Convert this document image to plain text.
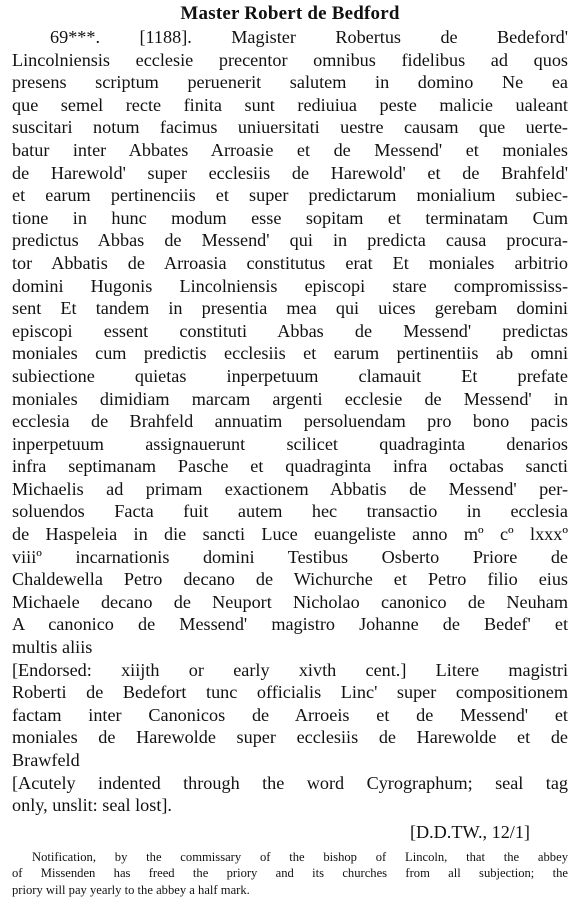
Master Robert de Bedford
69***. [1188]. Magister Robertus de Bedeford'
Lincolniensis ecclesie precentor omnibus fidelibus ad quos
presens scriptum peruenerit salutem in domino Ne ea
que semel recte finita sunt rediuiua peste malicie ualeant
suscitari notum facimus uniuersitati uestre causam que uerte-
batur inter Abbates Arroasie et de Messend' et moniales
de Harewold' super ecclesiis de Harewold' et de Brahfeld'
et earum pertinenciis et super predictarum monialium subiec-
tione in hunc modum esse sopitam et terminatam Cum
predictus Abbas de Messend' qui in predicta causa procura-
tor Abbatis de Arroasia constitutus erat Et moniales arbitrio
domini Hugonis Lincolniensis episcopi stare compromississ-
sent Et tandem in presentia mea qui uices gerebam domini
episcopi essent constituti Abbas de Messend' predictas
moniales cum predictis ecclesiis et earum pertinentiis ab omni
subiectione quietas inperpetuum clamauit Et prefate
moniales dimidiam marcam argenti ecclesie de Messend' in
ecclesia de Brahfeld annuatim persoluendam pro bono pacis
inperpetuum assignauerunt scilicet quadraginta denarios
infra septimanam Pasche et quadraginta infra octabas sancti
Michaelis ad primam exactionem Abbatis de Messend' per-
soluendos Facta fuit autem hec transactio in ecclesia
de Haspeleia in die sancti Luce euangeliste anno mº cº lxxxº
viiiº incarnationis domini Testibus Osberto Priore de
Chaldewella Petro decano de Wichurche et Petro filio eius
Michaele decano de Neuport Nicholao canonico de Neuham
A canonico de Messend' magistro Johanne de Bedef' et
multis aliis
[Endorsed: xiijth or early xivth cent.] Litere magistri
Roberti de Bedefort tunc officialis Linc' super compositionem
factam inter Canonicos de Arroeis et de Messend' et
moniales de Harewolde super ecclesiis de Harewolde et de
Brawfeld
[Acutely indented through the word Cyrographum; seal tag
only, unslit: seal lost].
[D.D.TW., 12/1]
Notification, by the commissary of the bishop of Lincoln, that the abbey
of Missenden has freed the priory and its churches from all subjection; the
priory will pay yearly to the abbey a half mark.
